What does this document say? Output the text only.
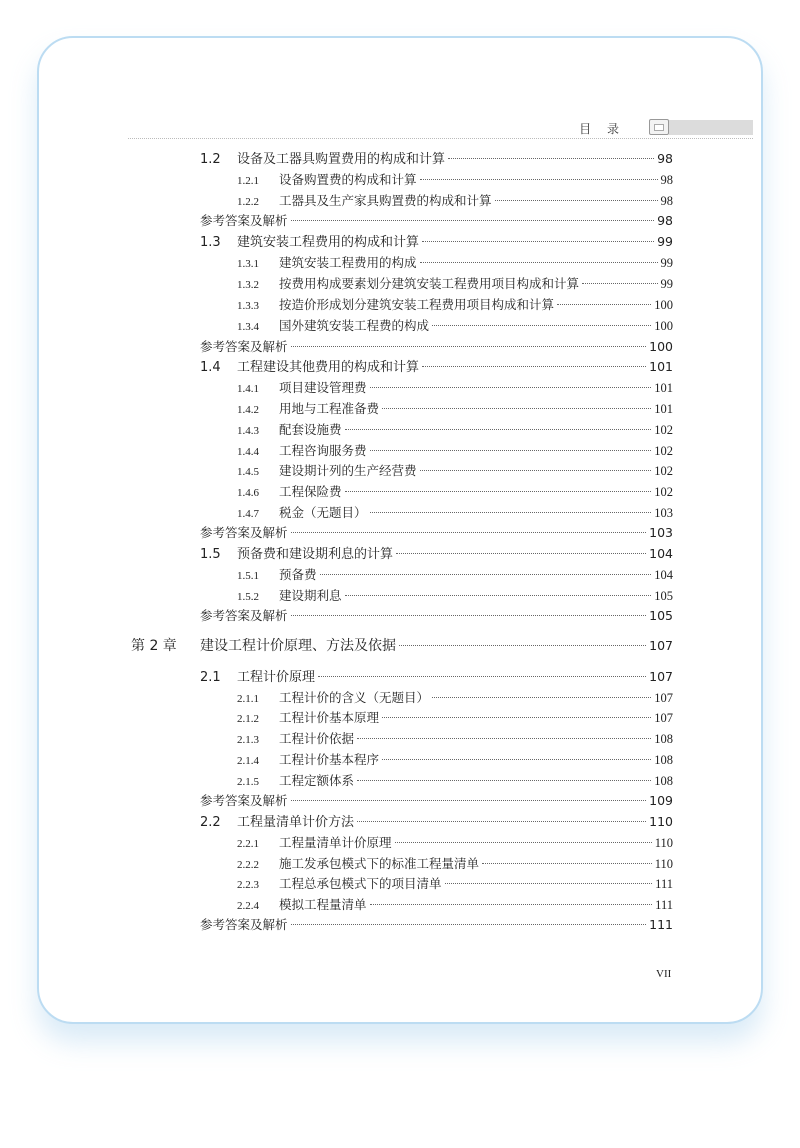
目 录
1.2	设备及工器具购置费用的构成和计算	98
1.2.1	设备购置费的构成和计算	98
1.2.2	工器具及生产家具购置费的构成和计算	98
参考答案及解析	98
1.3	建筑安装工程费用的构成和计算	99
1.3.1	建筑安装工程费用的构成	99
1.3.2	按费用构成要素划分建筑安装工程费用项目构成和计算	99
1.3.3	按造价形成划分建筑安装工程费用项目构成和计算	100
1.3.4	国外建筑安装工程费的构成	100
参考答案及解析	100
1.4	工程建设其他费用的构成和计算	101
1.4.1	项目建设管理费	101
1.4.2	用地与工程准备费	101
1.4.3	配套设施费	102
1.4.4	工程咨询服务费	102
1.4.5	建设期计列的生产经营费	102
1.4.6	工程保险费	102
1.4.7	税金（无题目）	103
参考答案及解析	103
1.5	预备费和建设期利息的计算	104
1.5.1	预备费	104
1.5.2	建设期利息	105
参考答案及解析	105
第 2 章	建设工程计价原理、方法及依据	107
2.1	工程计价原理	107
2.1.1	工程计价的含义（无题目）	107
2.1.2	工程计价基本原理	107
2.1.3	工程计价依据	108
2.1.4	工程计价基本程序	108
2.1.5	工程定额体系	108
参考答案及解析	109
2.2	工程量清单计价方法	110
2.2.1	工程量清单计价原理	110
2.2.2	施工发承包模式下的标准工程量清单	110
2.2.3	工程总承包模式下的项目清单	111
2.2.4	模拟工程量清单	111
参考答案及解析	111
VII
